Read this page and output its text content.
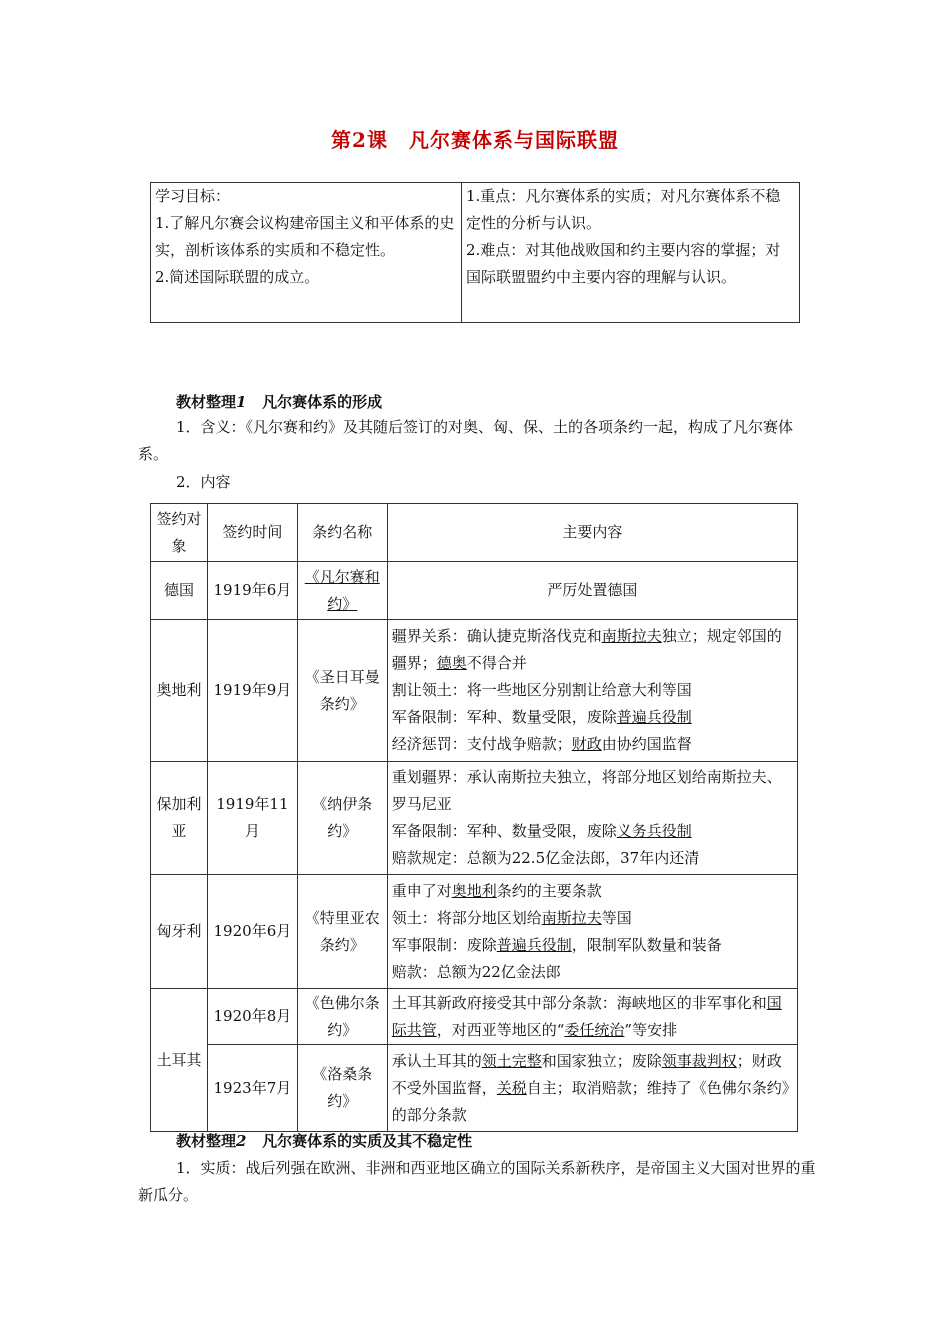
第2课　凡尔赛体系与国际联盟
学习目标：
1.了解凡尔赛会议构建帝国主义和平体系的史实，剖析该体系的实质和不稳定性。
2.简述国际联盟的成立。
1.重点：凡尔赛体系的实质；对凡尔赛体系不稳定性的分析与认识。
2.难点：对其他战败国和约主要内容的掌握；对国际联盟盟约中主要内容的理解与认识。
教材整理1 凡尔赛体系的形成
1．含义：《凡尔赛和约》及其随后签订的对奥、匈、保、土的各项条约一起，构成了凡尔赛体系。
2．内容
签约对象	签约时间	条约名称	主要内容
德国	1919年6月	《凡尔赛和约》	严厉处置德国
奥地利	1919年9月	《圣日耳曼条约》	疆界关系：确认捷克斯洛伐克和南斯拉夫独立；规定邻国的疆界；德奥不得合并
割让领土：将一些地区分别割让给意大利等国
军备限制：军种、数量受限，废除普遍兵役制
经济惩罚：支付战争赔款；财政由协约国监督

保加利亚	1919年11月	《纳伊条约》	重划疆界：承认南斯拉夫独立，将部分地区划给南斯拉夫、罗马尼亚
军备限制：军种、数量受限，废除义务兵役制
赔款规定：总额为22.5亿金法郎，37年内还清

匈牙利	1920年6月	《特里亚农条约》	重申了对奥地利条约的主要条款
领土：将部分地区划给南斯拉夫等国
军事限制：废除普遍兵役制，限制军队数量和装备
赔款：总额为22亿金法郎

土耳其	1920年8月	《色佛尔条约》	土耳其新政府接受其中部分条款：海峡地区的非军事化和国际共管，对西亚等地区的“委任统治”等安排
	1923年7月	《洛桑条约》	承认土耳其的领土完整和国家独立；废除领事裁判权；财政不受外国监督，关税自主；取消赔款；维持了《色佛尔条约》的部分条款
教材整理2 凡尔赛体系的实质及其不稳定性
1．实质：战后列强在欧洲、非洲和西亚地区确立的国际关系新秩序，是帝国主义大国对世界的重新瓜分。
